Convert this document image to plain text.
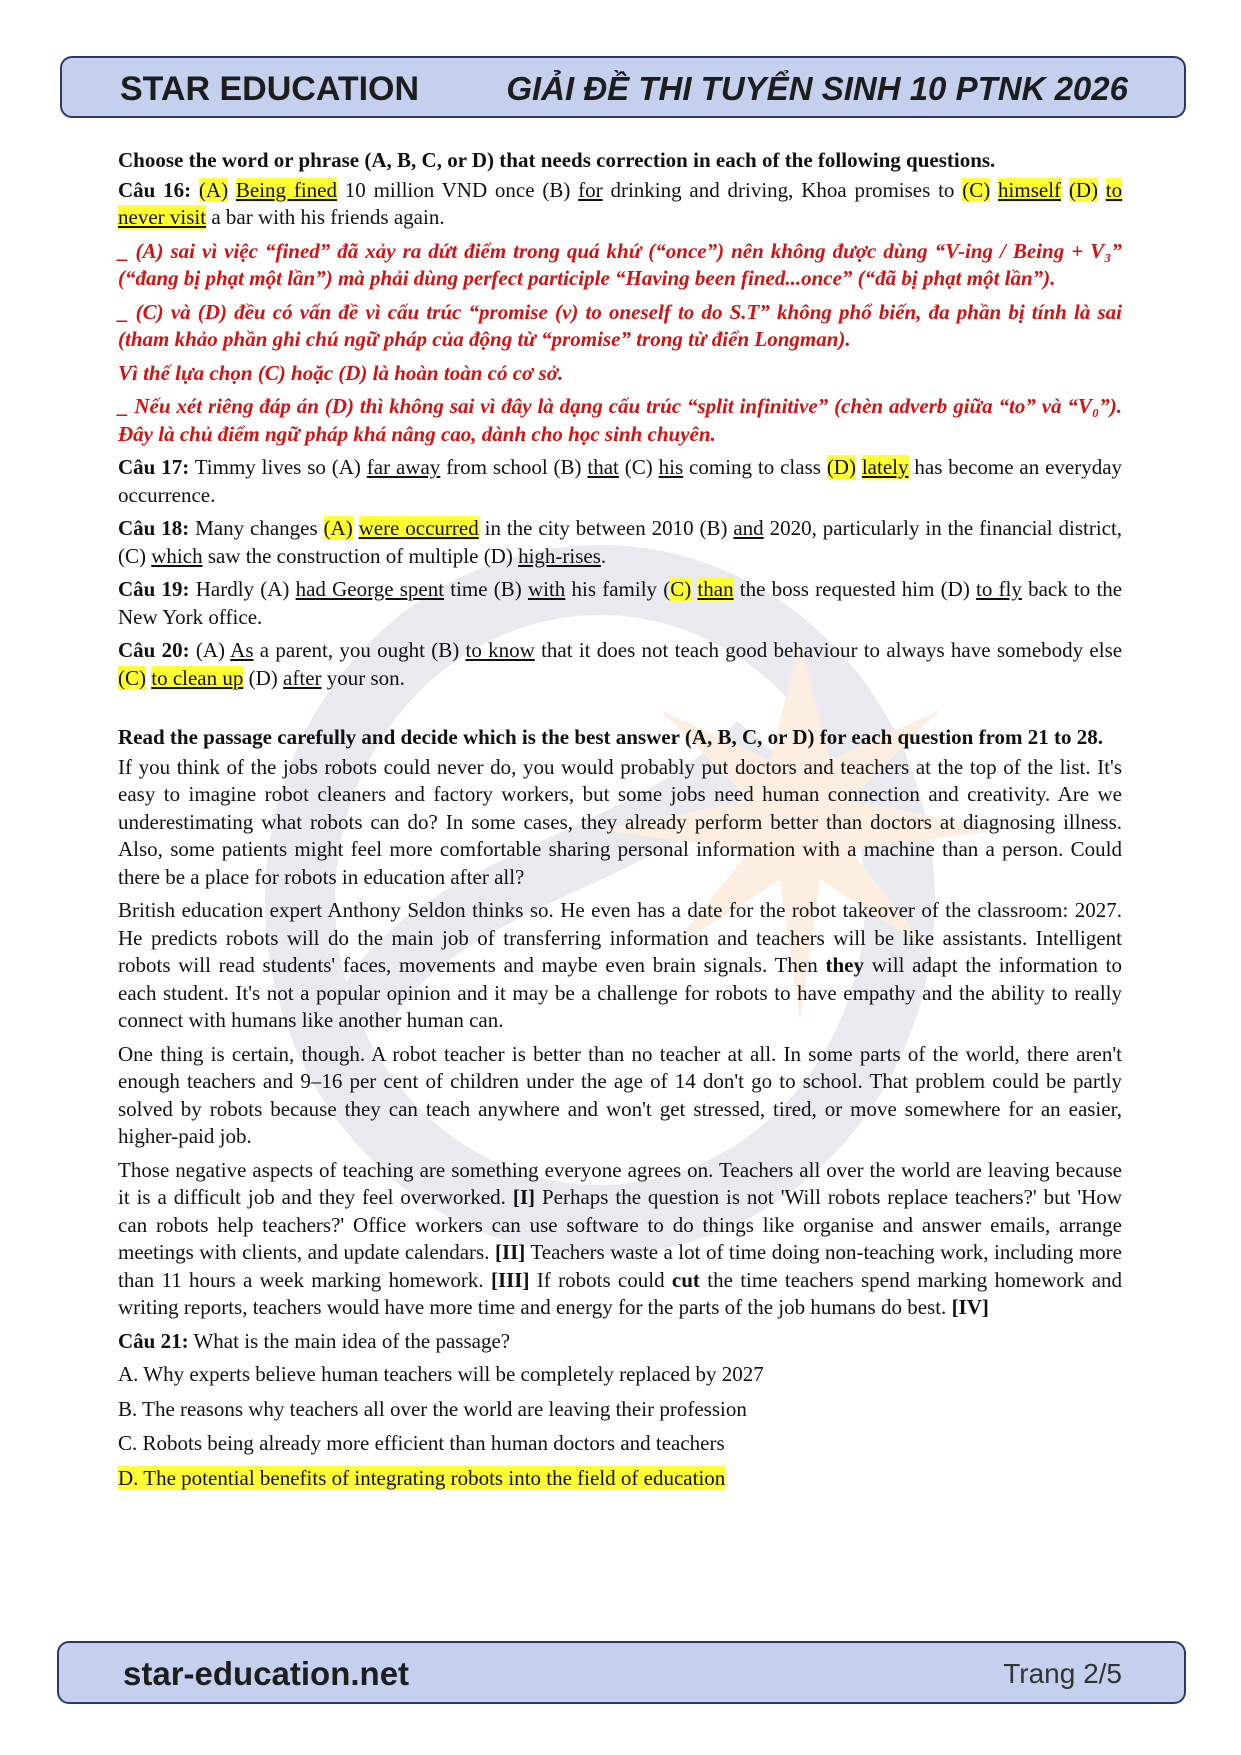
STAR EDUCATION	GIẢI ĐỀ THI TUYỂN SINH 10 PTNK 2026

Choose the word or phrase (A, B, C, or D) that needs correction in each of the following questions.

Câu 16: (A) Being fined 10 million VND once (B) for drinking and driving, Khoa promises to (C) himself (D) to never visit a bar with his friends again.

_ (A) sai vì việc “fined” đã xảy ra dứt điểm trong quá khứ (“once”) nên không được dùng “V-ing / Being + V₃” (“đang bị phạt một lần”) mà phải dùng perfect participle “Having been fined...once” (“đã bị phạt một lần”).

_ (C) và (D) đều có vấn đề vì cấu trúc “promise (v) to oneself to do S.T” không phổ biến, đa phần bị tính là sai (tham khảo phần ghi chú ngữ pháp của động từ “promise” trong từ điển Longman).

Vì thế lựa chọn (C) hoặc (D) là hoàn toàn có cơ sở.

_ Nếu xét riêng đáp án (D) thì không sai vì đây là dạng cấu trúc “split infinitive” (chèn adverb giữa “to” và “V₀”). Đây là chủ điểm ngữ pháp khá nâng cao, dành cho học sinh chuyên.

Câu 17: Timmy lives so (A) far away from school (B) that (C) his coming to class (D) lately has become an everyday occurrence.

Câu 18: Many changes (A) were occurred in the city between 2010 (B) and 2020, particularly in the financial district, (C) which saw the construction of multiple (D) high-rises.

Câu 19: Hardly (A) had George spent time (B) with his family (C) than the boss requested him (D) to fly back to the New York office.

Câu 20: (A) As a parent, you ought (B) to know that it does not teach good behaviour to always have somebody else (C) to clean up (D) after your son.

Read the passage carefully and decide which is the best answer (A, B, C, or D) for each question from 21 to 28.

If you think of the jobs robots could never do, you would probably put doctors and teachers at the top of the list. It's easy to imagine robot cleaners and factory workers, but some jobs need human connection and creativity. Are we underestimating what robots can do? In some cases, they already perform better than doctors at diagnosing illness. Also, some patients might feel more comfortable sharing personal information with a machine than a person. Could there be a place for robots in education after all?

British education expert Anthony Seldon thinks so. He even has a date for the robot takeover of the classroom: 2027. He predicts robots will do the main job of transferring information and teachers will be like assistants. Intelligent robots will read students' faces, movements and maybe even brain signals. Then they will adapt the information to each student. It's not a popular opinion and it may be a challenge for robots to have empathy and the ability to really connect with humans like another human can.

One thing is certain, though. A robot teacher is better than no teacher at all. In some parts of the world, there aren't enough teachers and 9–16 per cent of children under the age of 14 don't go to school. That problem could be partly solved by robots because they can teach anywhere and won't get stressed, tired, or move somewhere for an easier, higher-paid job.

Those negative aspects of teaching are something everyone agrees on. Teachers all over the world are leaving because it is a difficult job and they feel overworked. [I] Perhaps the question is not 'Will robots replace teachers?' but 'How can robots help teachers?' Office workers can use software to do things like organise and answer emails, arrange meetings with clients, and update calendars. [II] Teachers waste a lot of time doing non-teaching work, including more than 11 hours a week marking homework. [III] If robots could cut the time teachers spend marking homework and writing reports, teachers would have more time and energy for the parts of the job humans do best. [IV]

Câu 21: What is the main idea of the passage?

A. Why experts believe human teachers will be completely replaced by 2027

B. The reasons why teachers all over the world are leaving their profession

C. Robots being already more efficient than human doctors and teachers

D. The potential benefits of integrating robots into the field of education

star-education.net	Trang 2/5
